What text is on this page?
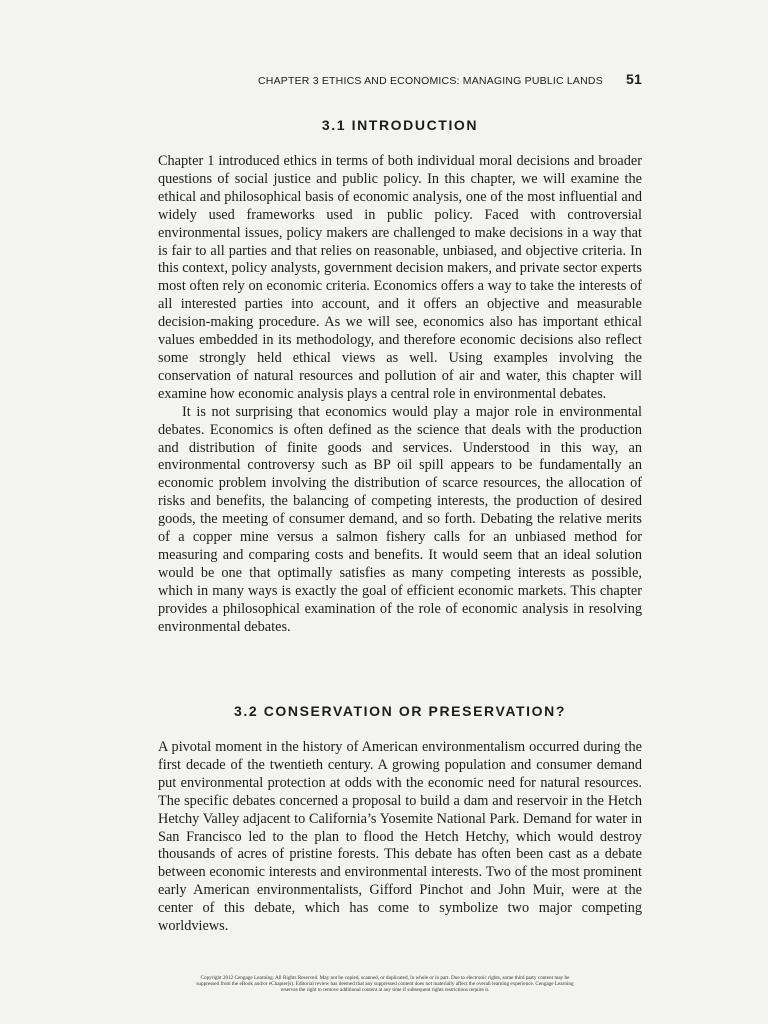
CHAPTER 3 ETHICS AND ECONOMICS: MANAGING PUBLIC LANDS 51
3.1 INTRODUCTION

Chapter 1 introduced ethics in terms of both individual moral decisions and broader questions of social justice and public policy. In this chapter, we will examine the ethical and philosophical basis of economic analysis, one of the most influential and widely used frameworks used in public policy. Faced with controversial environmental issues, policy makers are challenged to make decisions in a way that is fair to all parties and that relies on reasonable, unbiased, and objective criteria. In this context, policy analysts, government decision makers, and private sector experts most often rely on economic criteria. Economics offers a way to take the interests of all interested parties into account, and it offers an objective and measurable decision-making procedure. As we will see, economics also has important ethical values embedded in its methodology, and therefore economic decisions also reflect some strongly held ethical views as well. Using examples involving the conservation of natural resources and pollution of air and water, this chapter will examine how economic analysis plays a central role in environmental debates.

It is not surprising that economics would play a major role in environmental debates. Economics is often defined as the science that deals with the production and distribution of finite goods and services. Understood in this way, an environmental controversy such as BP oil spill appears to be fundamentally an economic problem involving the distribution of scarce resources, the allocation of risks and benefits, the balancing of competing interests, the production of desired goods, the meeting of consumer demand, and so forth. Debating the relative merits of a copper mine versus a salmon fishery calls for an unbiased method for measuring and comparing costs and benefits. It would seem that an ideal solution would be one that optimally satisfies as many competing interests as possible, which in many ways is exactly the goal of efficient economic markets. This chapter provides a philosophical examination of the role of economic analysis in resolving environmental debates.

3.2 CONSERVATION OR PRESERVATION?

A pivotal moment in the history of American environmentalism occurred during the first decade of the twentieth century. A growing population and consumer demand put environmental protection at odds with the economic need for natural resources. The specific debates concerned a proposal to build a dam and reservoir in the Hetch Hetchy Valley adjacent to California’s Yosemite National Park. Demand for water in San Francisco led to the plan to flood the Hetch Hetchy, which would destroy thousands of acres of pristine forests. This debate has often been cast as a debate between economic interests and environmental interests. Two of the most prominent early American environmentalists, Gifford Pinchot and John Muir, were at the center of this debate, which has come to symbolize two major competing worldviews.

Copyright 2012 Cengage Learning. All Rights Reserved. May not be copied, scanned, or duplicated, in whole or in part. Due to electronic rights, some third party content may be suppressed from the eBook and/or eChapter(s). Editorial review has deemed that any suppressed content does not materially affect the overall learning experience. Cengage Learning reserves the right to remove additional content at any time if subsequent rights restrictions require it.
